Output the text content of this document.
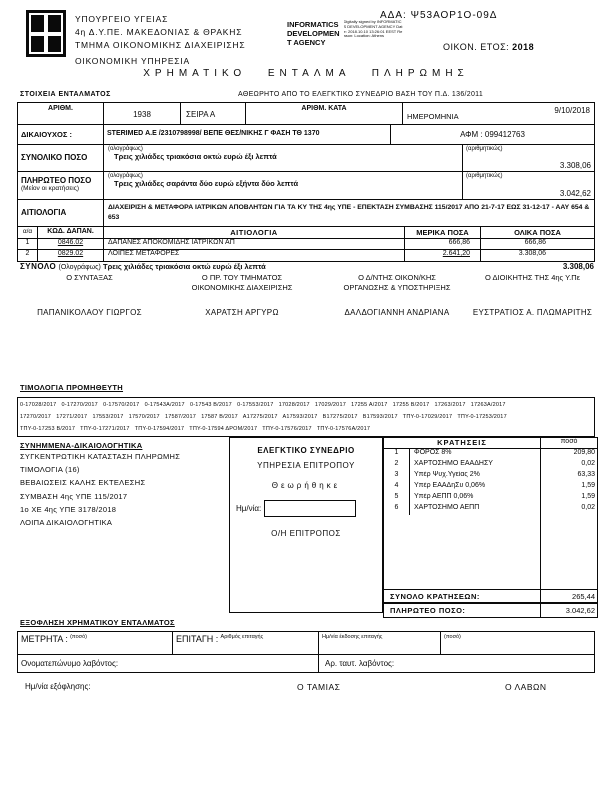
ΥΠΟΥΡΓΕΙΟ ΥΓΕΙΑΣ
4η Δ.Υ.ΠΕ. ΜΑΚΕΔΟΝΙΑΣ & ΘΡΑΚΗΣ
ΤΜΗΜΑ ΟΙΚΟΝΟΜΙΚΗΣ ΔΙΑΧΕΙΡΙΣΗΣ
ΟΙΚΟΝΟΜΙΚΗ ΥΠΗΡΕΣΙΑ
INFORMATICS
DEVELOPMEN
T AGENCY
Digitally signed by INFORMATICS DEVELOPMENT AGENCY Date: 2018.10.10 13:26:01 EEST Reason: Location: Athens
ΑΔΑ: Ψ53ΑΟΡ1Ο-09Δ
ΟΙΚΟΝ. ΕΤΟΣ: 2018
ΧΡΗΜΑΤΙΚΟ ΕΝΤΑΛΜΑ ΠΛΗΡΩΜΗΣ
ΣΤΟΙΧΕΙΑ ΕΝΤΑΛΜΑΤΟΣ	ΑΘΕΩΡΗΤΟ ΑΠΟ ΤΟ ΕΛΕΓΚΤΙΚΟ ΣΥΝΕΔΡΙΟ ΒΑΣΗ ΤΟΥ Π.Δ. 136/2011
ΑΡΙΘΜ.
1938	ΣΕΙΡΑ Α
ΑΡΙΘΜ. ΚΑΤΑ
ΗΜΕΡΟΜΗΝΙΑ
9/10/2018
ΔΙΚΑΙΟΥΧΟΣ :	STERIMED Α.Ε /2310798998/ ΒΕΠΕ ΘΕΣ/ΝΙΚΗΣ Γ ΦΑΣΗ ΤΘ 1370	ΑΦΜ : 099412763
ΣΥΝΟΛΙΚΟ ΠΟΣΟ
(ολογράφως)
Τρεις χιλιάδες τριακόσια οκτώ ευρώ έξι λεπτά
(αριθμητικώς)
3.308,06
ΠΛΗΡΩΤΕΟ ΠΟΣΟ
(Μείον οι κρατήσεις)
(ολογράφως)
Τρεις χιλιάδες σαράντα δύο ευρώ εξήντα δύο λεπτά
(αριθμητικώς)
3.042,62
ΑΙΤΙΟΛΟΓΙΑ
ΔΙΑΧΕΙΡΙΣΗ & ΜΕΤΑΦΟΡΑ ΙΑΤΡΙΚΩΝ ΑΠΟΒΛΗΤΩΝ ΓΙΑ ΤΑ ΚΥ ΤΗΣ 4ης ΥΠΕ - ΕΠΕΚΤΑΣΗ ΣΥΜΒΑΣΗΣ 115/2017 ΑΠΟ 21-7-17 ΕΩΣ 31-12-17 - ΑΑΥ 654 & 653
α/α	ΚΩΔ. ΔΑΠΑΝ.	ΑΙΤΙΟΛΟΓΙΑ	ΜΕΡΙΚΑ ΠΟΣΑ	ΟΛΙΚΑ ΠΟΣΑ
1	0846.02	ΔΑΠΑΝΕΣ ΑΠΟΚΟΜΙΔΗΣ ΙΑΤΡΙΚΩΝ ΑΠ	666,86	666,86
2	0829.02	ΛΟΙΠΕΣ ΜΕΤΑΦΟΡΕΣ	2.641,20	3.308,06
ΣΥΝΟΛΟ (Ολογράφως) Τρεις χιλιάδες τριακόσια οκτώ ευρώ έξι λεπτά	3.308,06
Ο ΣΥΝΤΑΞΑΣ
ΠΑΠΑΝΙΚΟΛΑΟΥ ΓΙΩΡΓΟΣ
Ο ΠΡ. ΤΟΥ ΤΜΗΜΑΤΟΣ
ΟΙΚΟΝΟΜΙΚΗΣ ΔΙΑΧΕΙΡΙΣΗΣ
ΧΑΡΑΤΣΗ ΑΡΓΥΡΩ
Ο Δ/ΝΤΗΣ ΟΙΚΟΝ/ΚΗΣ
ΟΡΓΑΝΩΣΗΣ & ΥΠΟΣΤΗΡΙΞΗΣ
ΔΑΛΔΟΓΙΑΝΝΗ ΑΝΔΡΙΑΝΑ
Ο ΔΙΟΙΚΗΤΗΣ ΤΗΣ 4ης Υ.Πε
ΕΥΣΤΡΑΤΙΟΣ Α. ΠΛΩΜΑΡΙΤΗΣ
ΤΙΜΟΛΟΓΙΑ ΠΡΟΜΗΘΕΥΤΗ
0-17028/2017   0-17270/2017   0-17570/2017   0-17543Α/2017   0-17543 Β/2017   0-17553/2017   17028/2017   17029/2017   17255 Α/2017   17255 Β/2017   17263/2017   17263Α/2017
17270/2017   17271/2017   17553/2017   17570/2017   17587/2017   17587 Β/2017   Α17275/2017   Α17593/2017   Β17275/2017   Β17593/2017   ΤΠΥ-0-17029/2017   ΤΠΥ-0-17253/2017
ΤΠΥ-0-17253 Β/2017   ΤΠΥ-0-17271/2017   ΤΠΥ-0-17594/2017   ΤΠΥ-0-17594 ΔΡΟΜ/2017   ΤΠΥ-0-17576/2017   ΤΠΥ-0-17576Α/2017
ΣΥΝΗΜΜΕΝΑ-ΔΙΚΑΙΟΛΟΓΗΤΙΚΑ
ΣΥΓΚΕΝΤΡΩΤΙΚΗ ΚΑΤΑΣΤΑΣΗ ΠΛΗΡΩΜΗΣ
ΤΙΜΟΛΟΓΙΑ (16)
ΒΕΒΑΙΩΣΕΙΣ ΚΑΛΗΣ ΕΚΤΕΛΕΣΗΣ
ΣΥΜΒΑΣΗ 4ης ΥΠΕ 115/2017
1ο ΧΕ 4ης ΥΠΕ 3178/2018
ΛΟΙΠΑ ΔΙΚΑΙΟΛΟΓΗΤΙΚΑ
ΕΛΕΓΚΤΙΚΟ ΣΥΝΕΔΡΙΟ
ΥΠΗΡΕΣΙΑ ΕΠΙΤΡΟΠΟΥ
Θεωρήθηκε
Ημ/νία:
Ο/Η ΕΠΙΤΡΟΠΟΣ
ΚΡΑΤΗΣΕΙΣ	ποσό
1	ΦΟΡΟΣ 8%	209,80
2	ΧΑΡΤΟΣΗΜΟ ΕΑΑΔΗΣΥ	0,02
3	Υπέρ Ψυχ.Υγείας 2%	63,33
4	Υπέρ ΕΑΑΔηΣυ 0,06%	1,59
5	Υπέρ ΑΕΠΠ 0,06%	1,59
6	ΧΑΡΤΟΣΗΜΟ ΑΕΠΠ	0,02
ΣΥΝΟΛΟ ΚΡΑΤΗΣΕΩΝ:	265,44
ΠΛΗΡΩΤΕΟ ΠΟΣΟ:	3.042,62
ΕΞΟΦΛΗΣΗ ΧΡΗΜΑΤΙΚΟΥ ΕΝΤΑΛΜΑΤΟΣ
ΜΕΤΡΗΤΑ : $^{(\pi o\sigma ό)}$	ΕΠΙΤΑΓΗ : $^{A\rho\iota\theta\mu ό\varsigma \varepsilon\pi\iota\tau\alpha\gamma ή\varsigma}$	Ημ/νία έκδοσης επιταγής	(ποσό)
Ονοματεπώνυμο λαβόντος:	Αρ. ταυτ. λαβόντος:
Ημ/νία εξόφλησης:	Ο ΤΑΜΙΑΣ	Ο ΛΑΒΩΝ
